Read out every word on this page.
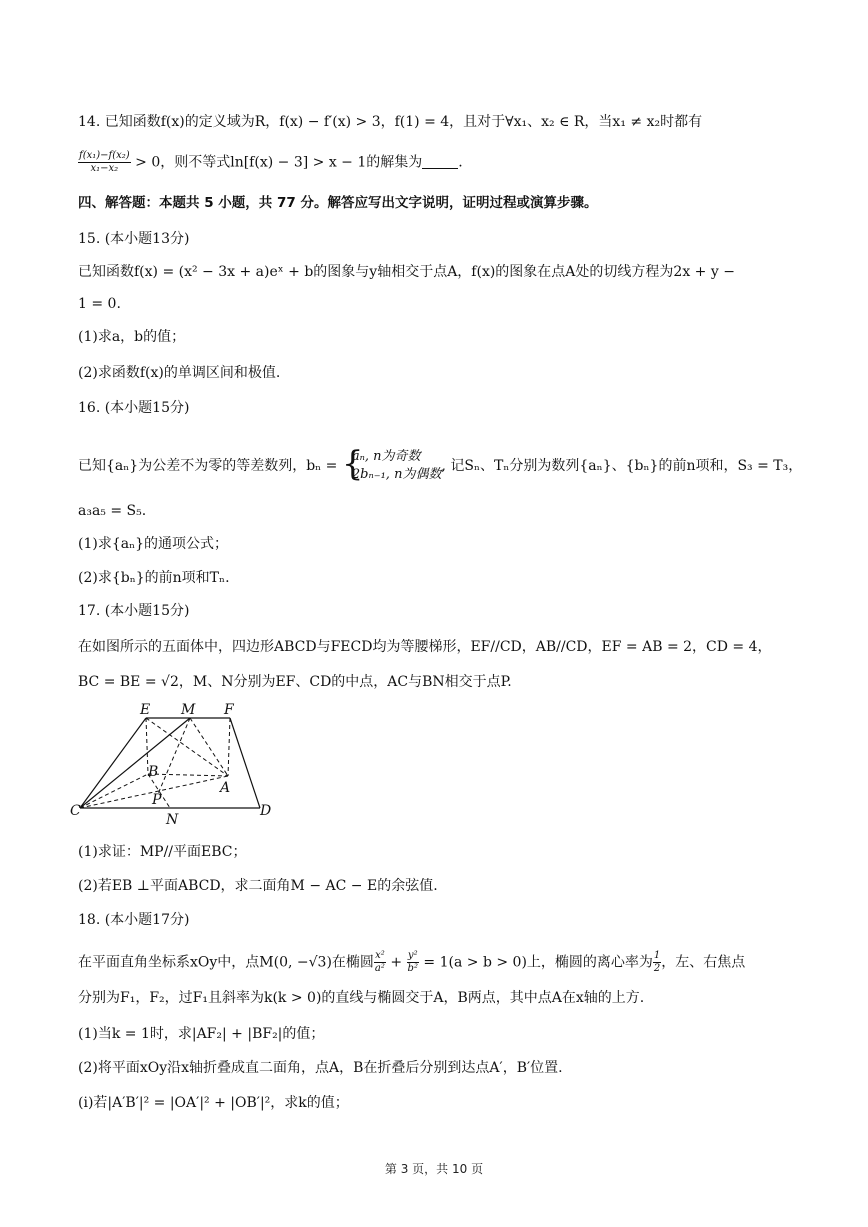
14. 已知函数f(x)的定义域为R，f(x) − f′(x) > 3，f(1) = 4，且对于∀x₁、x₂ ∈ R，当x₁ ≠ x₂时都有
$\frac{\text{f(x₁)−f(x₂)}}{\text{x₁−x₂}} > 0$，则不等式ln[f(x) − 3] > x − 1的解集为	.
四、解答题：本题共 5 小题，共 77 分。解答应写出文字说明，证明过程或演算步骤。
15. (本小题13分)
已知函数f(x) = (x² − 3x + a)eˣ + b的图象与y轴相交于点A，f(x)的图象在点A处的切线方程为2x + y −
1 = 0.
(1)求a，b的值；
(2)求函数f(x)的单调区间和极值.
16. (本小题15分)
已知{aₙ}为公差不为零的等差数列，bₙ = {
aₙ, n为奇数
2bₙ₋₁, n为偶数
, 记Sₙ、Tₙ分别为数列{aₙ}、{bₙ}的前n项和，S₃ = T₃，
a₃a₅ = S₅.
(1)求{aₙ}的通项公式；
(2)求{bₙ}的前n项和Tₙ.
17. (本小题15分)
在如图所示的五面体中，四边形ABCD与FECD均为等腰梯形，EF//CD，AB//CD，EF = AB = 2，CD = 4，
BC = BE = √2，M、N分别为EF、CD的中点，AC与BN相交于点P.
E M F
B
A
C
P
N
D
(1)求证：MP//平面EBC；
(2)若EB ⊥平面ABCD，求二面角M − AC − E的余弦值.
18. (本小题17分)
在平面直角坐标系xOy中，点M(0, −√3)在椭圆 $\frac{\text{x²}}{\text{a²}} + \frac{\text{y²}}{\text{b²}} = 1(a > b > 0)$上，椭圆的离心率为 $\frac{1}{2}$ ，左、右焦点
分别为F₁，F₂，过F₁且斜率为k(k > 0)的直线与椭圆交于A，B两点，其中点A在x轴的上方.
(1)当k = 1时，求|AF₂| + |BF₂|的值；
(2)将平面xOy沿x轴折叠成直二面角，点A，B在折叠后分别到达点A′，B′位置.
(i)若|A′B′|² = |OA′|² + |OB′|²，求k的值；
第 3 页，共 10 页
